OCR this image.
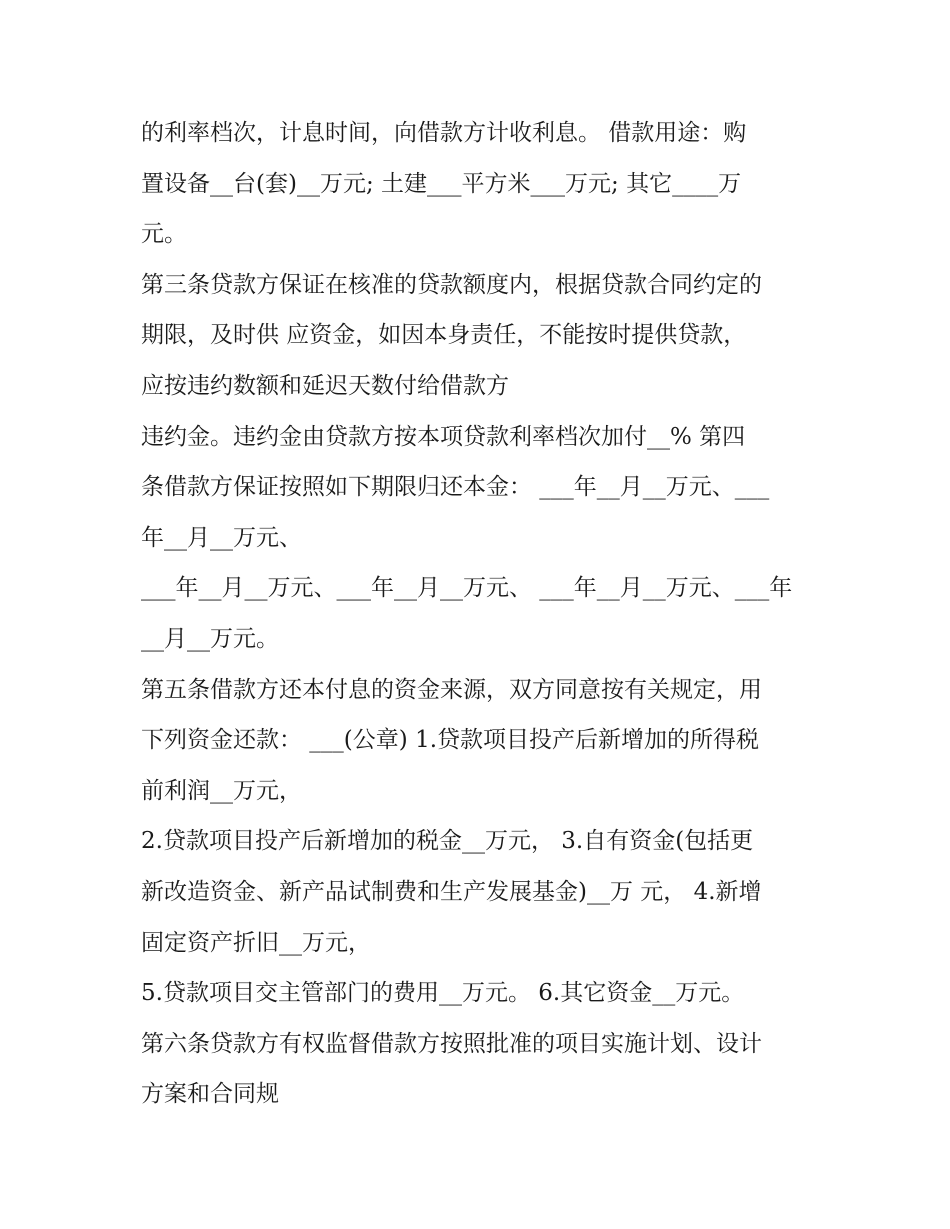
的利率档次，计息时间，向借款方计收利息。 借款用途：购
置设备__台(套)__万元; 土建___平方米___万元; 其它____万
元。
第三条贷款方保证在核准的贷款额度内，根据贷款合同约定的
期限，及时供 应资金，如因本身责任，不能按时提供贷款，
应按违约数额和延迟天数付给借款方
违约金。违约金由贷款方按本项贷款利率档次加付__% 第四
条借款方保证按照如下期限归还本金： ___年__月__万元、___
年__月__万元、
___年__月__万元、___年__月__万元、 ___年__月__万元、___年
__月__万元。
第五条借款方还本付息的资金来源，双方同意按有关规定，用
下列资金还款： ___(公章) 1.贷款项目投产后新增加的所得税
前利润__万元，
2.贷款项目投产后新增加的税金__万元， 3.自有资金(包括更
新改造资金、新产品试制费和生产发展基金)__万 元， 4.新增
固定资产折旧__万元，
5.贷款项目交主管部门的费用__万元。 6.其它资金__万元。
第六条贷款方有权监督借款方按照批准的项目实施计划、设计
方案和合同规
